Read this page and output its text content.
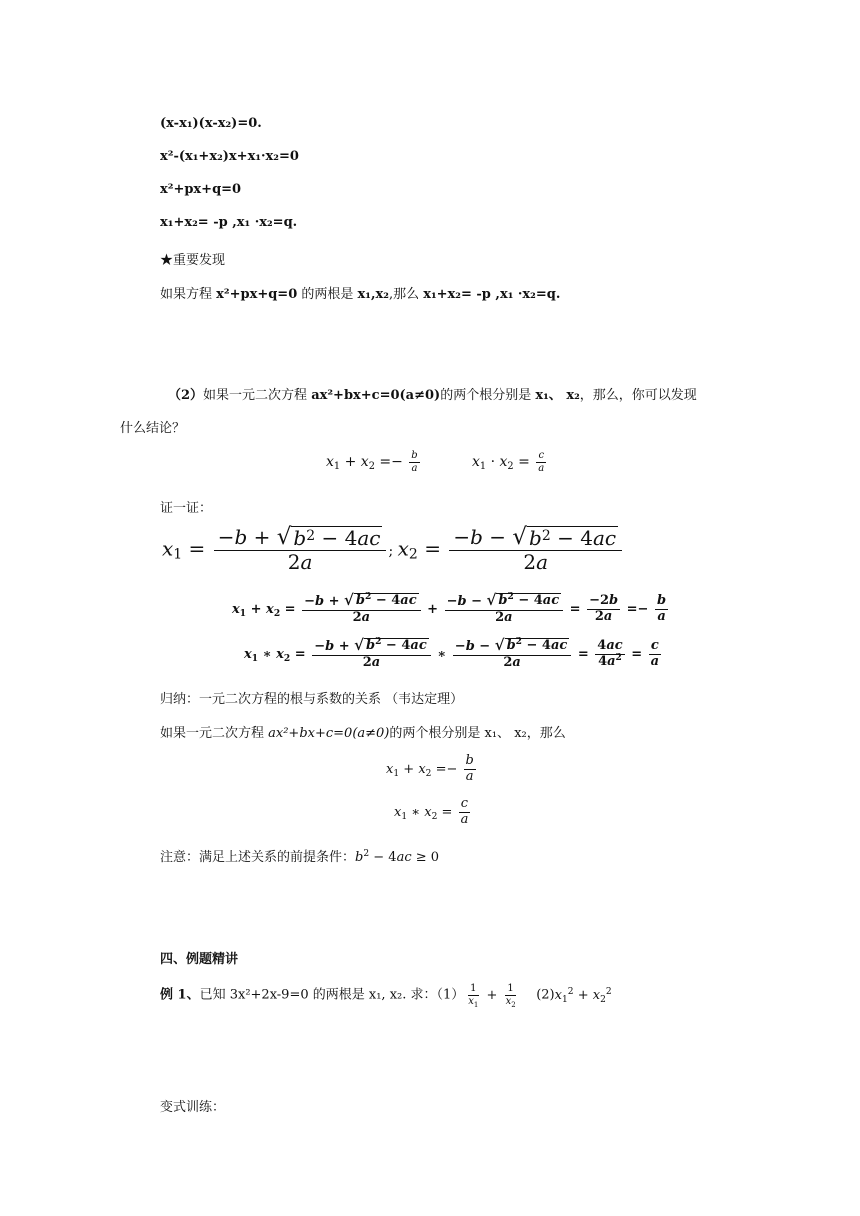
(x-x₁)(x-x₂)=0.
x²-(x₁+x₂)x+x₁·x₂=0
x²+px+q=0
x₁+x₂= -p ,x₁ ·x₂=q.
★重要发现
如果方程 x²+px+q=0 的两根是 x₁,x₂,那么 x₁+x₂= -p ,x₁ ·x₂=q.
（2）如果一元二次方程 ax²+bx+c=0(a≠0)的两个根分别是 x₁、 x₂，那么，你可以发现
什么结论？
$x_1 + x_2 =- \frac{b}{a}$	$x_1 \cdot x_2 = \frac{c}{a}$
证一证：
$x_1 = \frac{-b + √ b^2 - 4ac}{2a}$ ; $x_2 = \frac{-b - √ b^2 - 4ac}{2a}$
$x_1 + x_2 = \frac{-b + √ b^2 - 4ac}{2a} + \frac{-b - √ b^2 - 4ac}{2a} = \frac{-2b}{2a} =- \frac{b}{a}$
$x_1$ ∗ $x_2 = \frac{-b + √ b^2 - 4ac}{2a}$ ∗ $\frac{-b - √ b^2 - 4ac}{2a} = \frac{4ac}{4a^2} = \frac{c}{a}$
归纳：一元二次方程的根与系数的关系 （韦达定理）
如果一元二次方程 ax²+bx+c=0(a≠0)的两个根分别是 x₁、 x₂，那么
$x_1 + x_2 =- \frac{b}{a}$
$x_1$ ∗ $x_2 = \frac{c}{a}$
注意：满足上述关系的前提条件：$b^2 - 4ac \ge 0$
四、例题精讲
例 1、已知 3x²+2x-9=0 的两根是 x₁, x₂. 求：$(1) \frac{1}{x_1} + \frac{1}{x_2} (2)x_1^2 + x_2^2$
变式训练：
